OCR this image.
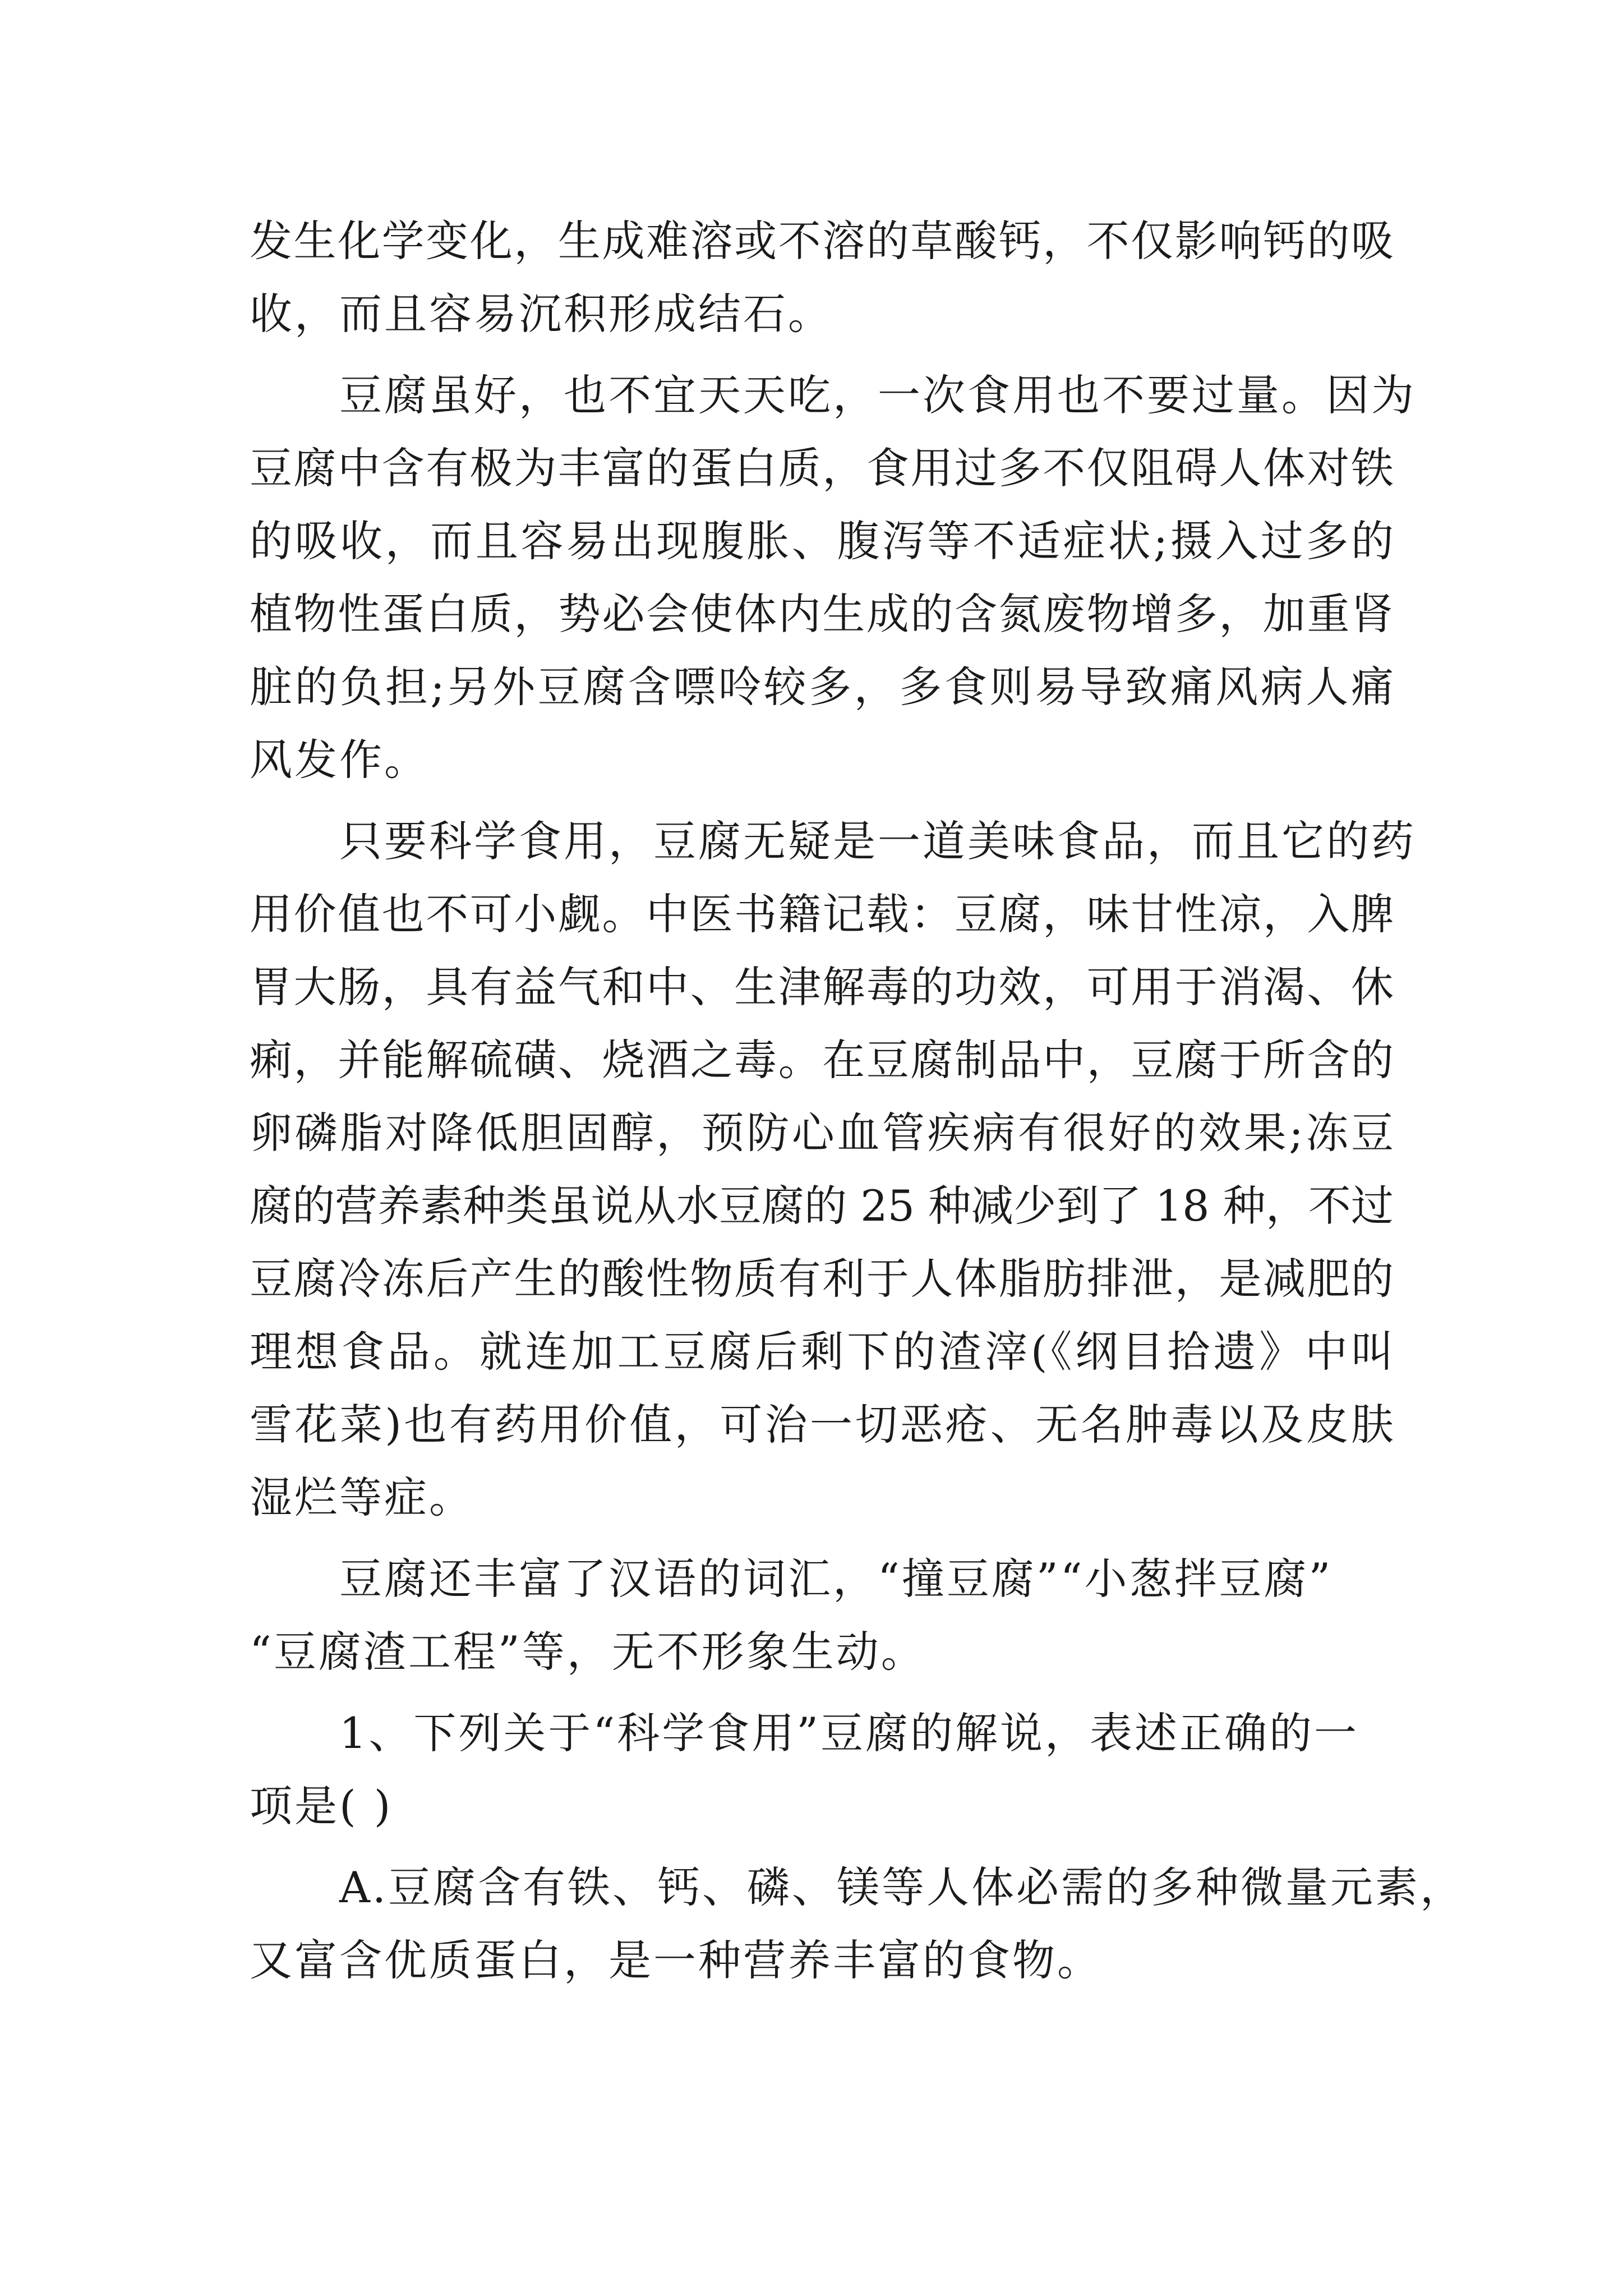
发生化学变化，生成难溶或不溶的草酸钙，不仅影响钙的吸

收，而且容易沉积形成结石。

　　豆腐虽好，也不宜天天吃，一次食用也不要过量。因为

豆腐中含有极为丰富的蛋白质，食用过多不仅阻碍人体对铁

的吸收，而且容易出现腹胀、腹泻等不适症状;摄入过多的

植物性蛋白质，势必会使体内生成的含氮废物增多，加重肾

脏的负担;另外豆腐含嘌呤较多，多食则易导致痛风病人痛

风发作。

　　只要科学食用，豆腐无疑是一道美味食品，而且它的药

用价值也不可小觑。中医书籍记载：豆腐，味甘性凉，入脾

胃大肠，具有益气和中、生津解毒的功效，可用于消渴、休

痢，并能解硫磺、烧酒之毒。在豆腐制品中，豆腐于所含的

卵磷脂对降低胆固醇，预防心血管疾病有很好的效果;冻豆

腐的营养素种类虽说从水豆腐的 25 种减少到了 18 种，不过

豆腐冷冻后产生的酸性物质有利于人体脂肪排泄，是减肥的

理想食品。就连加工豆腐后剩下的渣滓(《纲目拾遗》中叫

雪花菜)也有药用价值，可治一切恶疮、无名肿毒以及皮肤

湿烂等症。

　　豆腐还丰富了汉语的词汇，“撞豆腐”“小葱拌豆腐”

“豆腐渣工程”等，无不形象生动。

　　1、下列关于“科学食用”豆腐的解说，表述正确的一

项是( )

　　A.豆腐含有铁、钙、磷、镁等人体必需的多种微量元素，

又富含优质蛋白，是一种营养丰富的食物。
